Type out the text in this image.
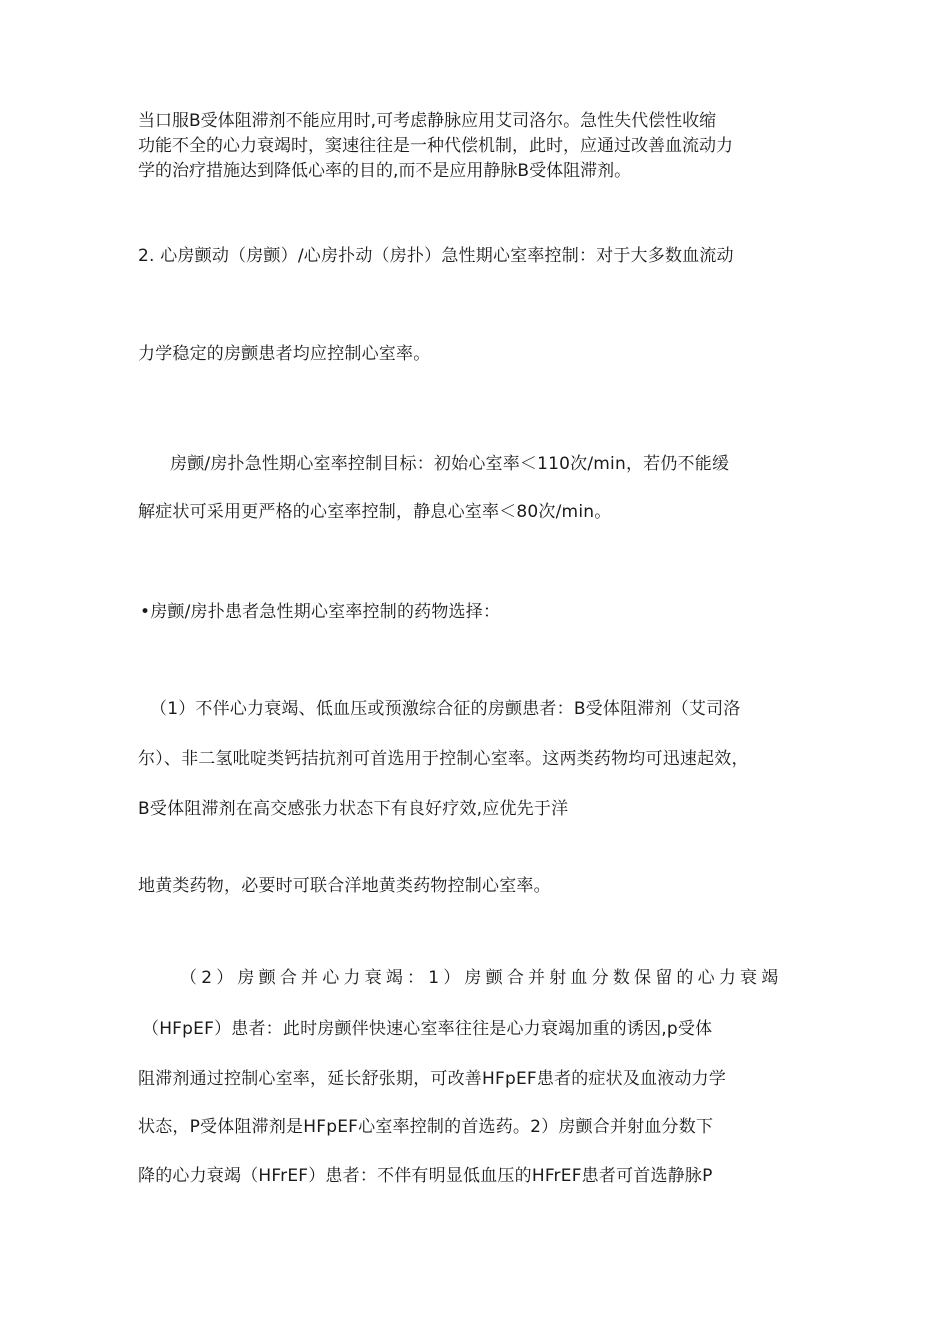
当口服B受体阻滞剂不能应用时,可考虑静脉应用艾司洛尔。急性失代偿性收缩
功能不全的心力衰竭时，窦速往往是一种代偿机制，此时，应通过改善血流动力
学的治疗措施达到降低心率的目的,而不是应用静脉B受体阻滞剂。
2. 心房颤动（房颤）/心房扑动（房扑）急性期心室率控制：对于大多数血流动
力学稳定的房颤患者均应控制心室率。
房颤/房扑急性期心室率控制目标：初始心室率＜110次/min，若仍不能缓
解症状可采用更严格的心室率控制，静息心室率＜80次/min。
•房颤/房扑患者急性期心室率控制的药物选择：
（1）不伴心力衰竭、低血压或预激综合征的房颤患者：B受体阻滞剂（艾司洛
尔）、非二氢吡啶类钙拮抗剂可首选用于控制心室率。这两类药物均可迅速起效，
B受体阻滞剂在高交感张力状态下有良好疗效,应优先于洋
地黄类药物，必要时可联合洋地黄类药物控制心室率。
（2）房颤合并心力衰竭：1）房颤合并射血分数保留的心力衰竭
（HFpEF）患者：此时房颤伴快速心室率往往是心力衰竭加重的诱因,p受体
阻滞剂通过控制心室率，延长舒张期，可改善HFpEF患者的症状及血液动力学
状态，P受体阻滞剂是HFpEF心室率控制的首选药。2）房颤合并射血分数下
降的心力衰竭（HFrEF）患者：不伴有明显低血压的HFrEF患者可首选静脉P
